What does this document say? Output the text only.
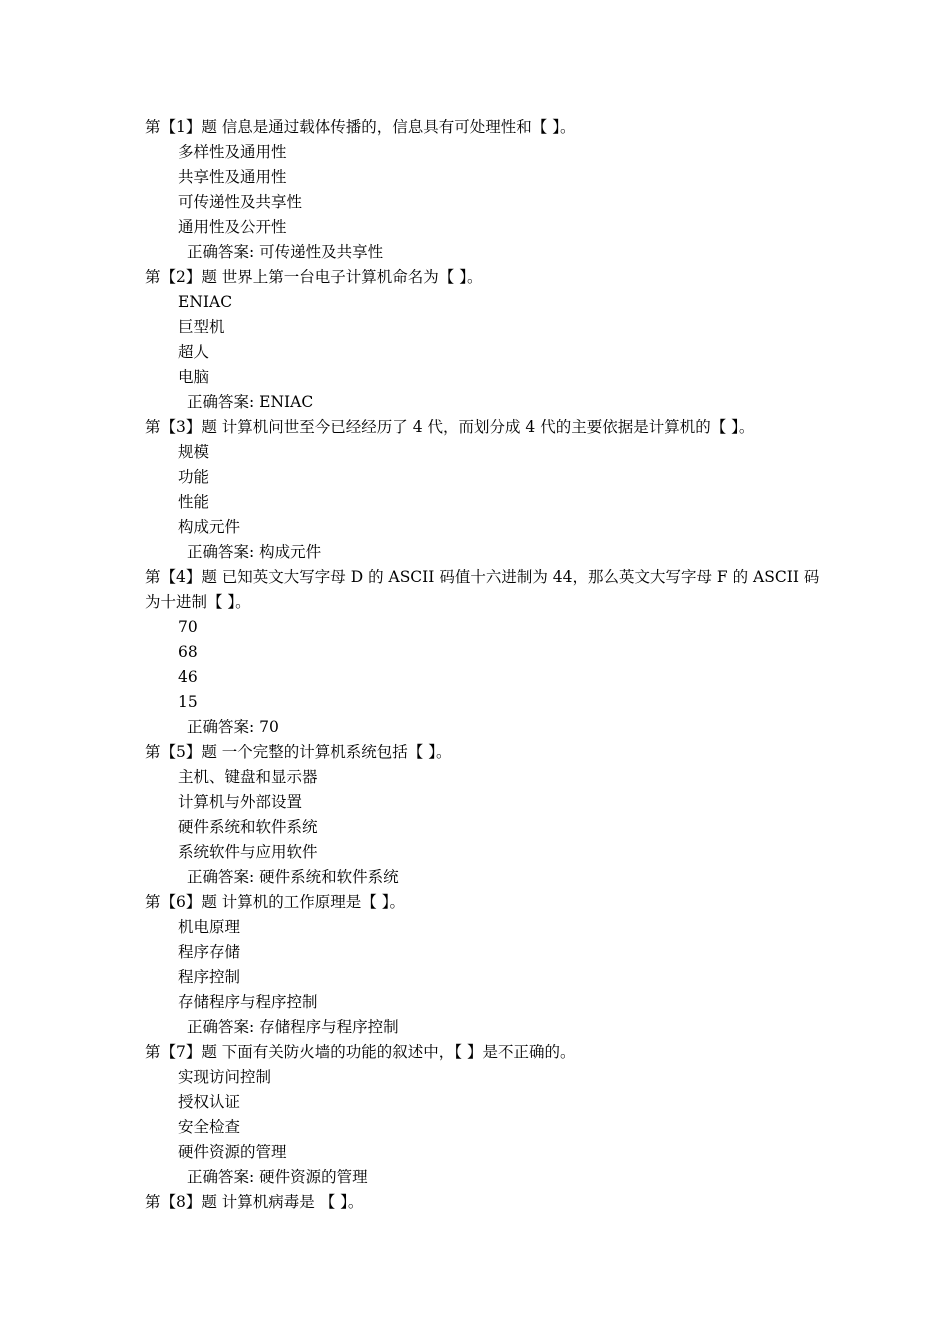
第【1】题 信息是通过载体传播的，信息具有可处理性和【 】。
多样性及通用性
共享性及通用性
可传递性及共享性
通用性及公开性
正确答案: 可传递性及共享性
第【2】题 世界上第一台电子计算机命名为【 】。
ENIAC
巨型机
超人
电脑
正确答案: ENIAC
第【3】题 计算机问世至今已经经历了 4 代，而划分成 4 代的主要依据是计算机的【 】。
规模
功能
性能
构成元件
正确答案: 构成元件
第【4】题 已知英文大写字母 D 的 ASCII 码值十六进制为 44，那么英文大写字母 F 的 ASCII 码为十进制【 】。
70
68
46
15
正确答案: 70
第【5】题 一个完整的计算机系统包括【 】。
主机、键盘和显示器
计算机与外部设置
硬件系统和软件系统
系统软件与应用软件
正确答案: 硬件系统和软件系统
第【6】题 计算机的工作原理是【 】。
机电原理
程序存储
程序控制
存储程序与程序控制
正确答案: 存储程序与程序控制
第【7】题 下面有关防火墙的功能的叙述中，【 】是不正确的。
实现访问控制
授权认证
安全检查
硬件资源的管理
正确答案: 硬件资源的管理
第【8】题 计算机病毒是 【 】。
